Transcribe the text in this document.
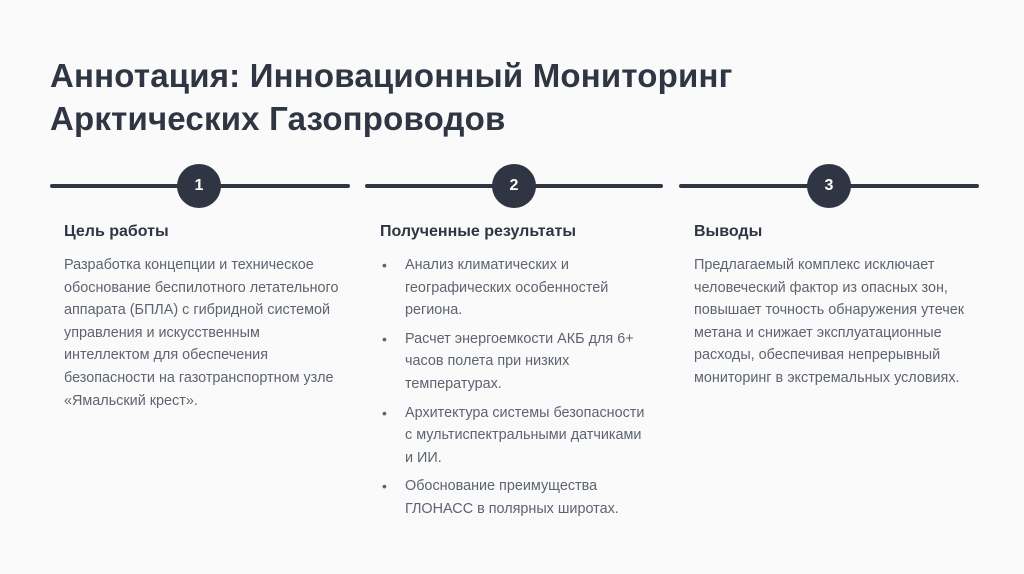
Аннотация: Инновационный Мониторинг
Арктических Газопроводов
1	2	3
Цель работы

Разработка концепции и техническое обоснование беспилотного летательного аппарата (БПЛА) с гибридной системой управления и искусственным интеллектом для обеспечения безопасности на газотранспортном узле «Ямальский крест».

Полученные результаты
• Анализ климатических и географических особенностей региона.
• Расчет энергоемкости АКБ для 6+ часов полета при низких температурах.
• Архитектура системы безопасности с мультиспектральными датчиками и ИИ.
• Обоснование преимущества ГЛОНАСС в полярных широтах.
Выводы

Предлагаемый комплекс исключает человеческий фактор из опасных зон, повышает точность обнаружения утечек метана и снижает эксплуатационные расходы, обеспечивая непрерывный мониторинг в экстремальных условиях.
